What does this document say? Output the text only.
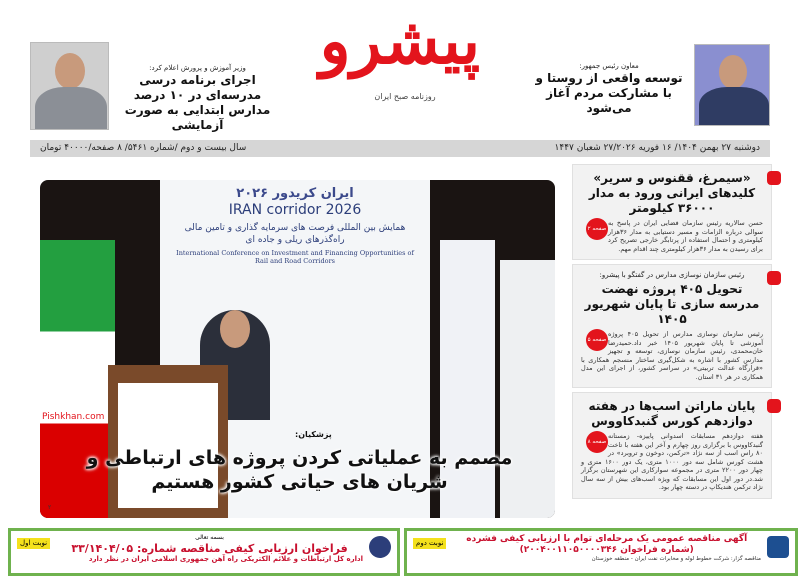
پیشرو
روزنامه صبح ایران
وزیر آموزش و پرورش اعلام کرد:
اجرای برنامه درسی مدرسه‌ای در ۱۰ درصد مدارس ابتدایی به صورت آزمایشی
معاون رئیس جمهور:
توسعه واقعی از روستا و با مشارکت مردم آغاز می‌شود
دوشنبه ۲۷ بهمن ۱۴۰۴/ ۱۶ فوریه ۲۷/۲۰۲۶ شعبان ۱۴۴۷
سال بیست و دوم /شماره ۵۴۶۱/ ۸ صفحه/۴۰۰۰۰ تومان
ایران کریدور ۲۰۲۶
IRAN corridor 2026
همایش بین المللی فرصت های سرمایه گذاری و تامین مالی راه‌گذرهای ریلی و جاده ای
International Conference on Investment and Financing Opportunities of Rail and Road Corridors
پزشکیان:
مصمم به عملیاتی کردن پروژه های ارتباطی و
شریان های حیاتی کشور هستیم
Pishkhan.com
۲
«سیمرغ، ققنوس و سریر» کلیدهای ایرانی ورود به مدار ۳۶۰۰۰ کیلومتر
صفحه ۲

حسن سالاریه رئیس سازمان فضایی ایران در پاسخ به سوالی درباره الزامات و مسیر دستیابی به مدار ۳۶هزار کیلومتری و احتمال استفاده از پرتابگر خارجی تصریح کرد برای رسیدن به مدار ۳۶هزار کیلومتری چند اقدام مهم.

رئیس سازمان نوسازی مدارس در گفتگو با پیشرو:
تحویل ۴۰۵ پروژه نهضت مدرسه سازی تا پایان شهریور ۱۴۰۵
صفحه ۵

رئیس سازمان نوسازی مدارس از تحویل ۴۰۵ پروژه آموزشی تا پایان شهریور ۱۴۰۵ خبر داد.حمیدرضا خان‌محمدی، رئیس سازمان نوسازی، توسعه و تجهیز مدارس کشور با اشاره به شکل‌گیری ساختار منسجم همکاری با «قرارگاه عدالت تربیتی» در سراسر کشور، از اجرای این مدل همکاری در هر ۳۱ استان.

پایان ماراتن اسب‌ها در هفته دوازدهم کورس گنبدکاووس
صفحه ۸

هفته دوازدهم مسابقات اسدوانی پاییزه- زمستانه گنبدکاووس با برگزاری روز چهارم و آخر این هفته با تاخت ۸۰ راس اسب از سه نژاد «ترکمن، دوخون و تروبرد» در هشت کورس شامل سه دور ۱۰۰۰ متری، یک دور ۱۶۰۰ متری و چهار دور ۲۲۰۰ متری در مجموعه سوارکاری این شهرستان برگزار شد.در دور اول این مسابقات که ویژه اسب‌های بیش از سه سال نژاد ترکمن هندیکاپ در دسته چهار بود.

بسمه تعالی
فراخوان ارزیابی کیفی مناقصه شماره: ۳۳/۱۴۰۴/۰۵
اداره کل ارتباطات و علائم الکتریکی راه آهن جمهوری اسلامی ایران در نظر دارد
نوبت اول	آگهی مناقصه عمومی یک مرحله‌ای توام با ارزیابی کیفی فشرده
(شماره فراخوان ۲۰۰۴۰۰۱۱۰۵۰۰۰۰۳۴۶)
مناقصه گزار: شرکت خطوط لوله و مخابرات نفت ایران - منطقه خوزستان
نوبت دوم
